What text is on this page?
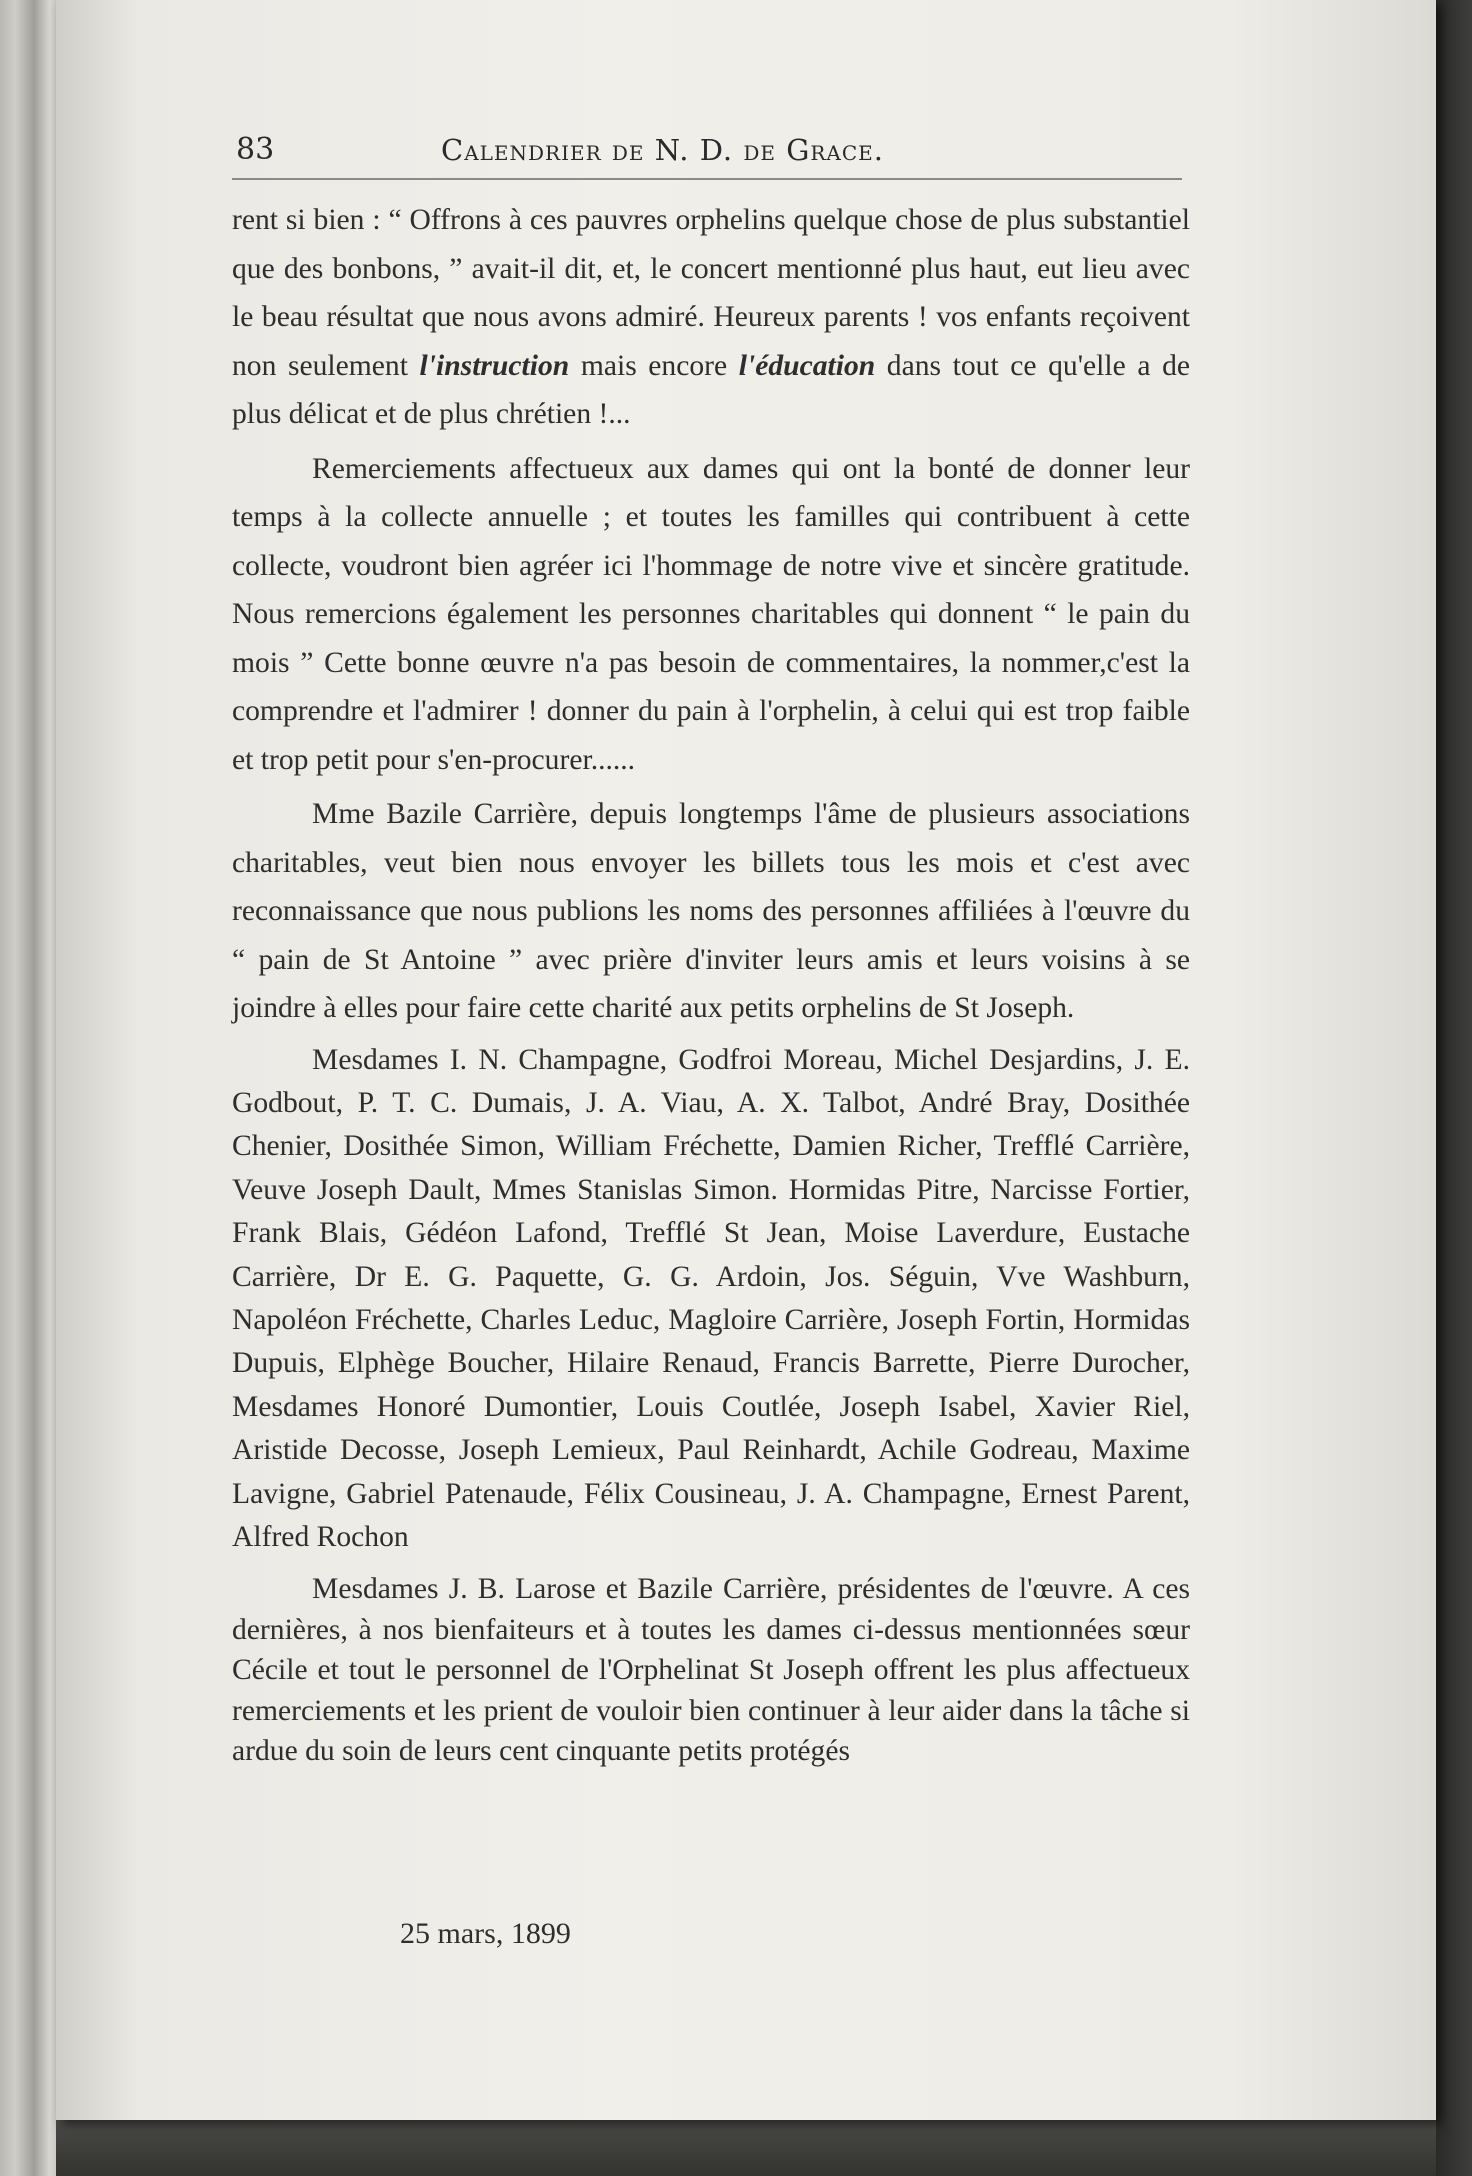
83	Calendrier de N. D. de Grace.

rent si bien : “ Offrons à ces pauvres orphelins quelque chose de plus substantiel que des bonbons, ” avait-il dit, et, le concert mentionné plus haut, eut lieu avec le beau résultat que nous avons admiré. Heureux parents ! vos enfants reçoivent non seulement l'instruction mais encore l'éducation dans tout ce qu'elle a de plus délicat et de plus chrétien !...

Remerciements affectueux aux dames qui ont la bonté de donner leur temps à la collecte annuelle ; et toutes les familles qui contribuent à cette collecte, voudront bien agréer ici l'hommage de notre vive et sincère gratitude. Nous remercions également les personnes charitables qui donnent “ le pain du mois ” Cette bonne œuvre n'a pas besoin de commentaires, la nommer,c'est la comprendre et l'admirer ! donner du pain à l'orphelin, à celui qui est trop faible et trop petit pour s'en-procurer......

Mme Bazile Carrière, depuis longtemps l'âme de plusieurs associations charitables, veut bien nous envoyer les billets tous les mois et c'est avec reconnaissance que nous publions les noms des personnes affiliées à l'œuvre du “ pain de St Antoine ” avec prière d'inviter leurs amis et leurs voisins à se joindre à elles pour faire cette charité aux petits orphelins de St Joseph.

Mesdames I. N. Champagne, Godfroi Moreau, Michel Desjardins, J. E. Godbout, P. T. C. Dumais, J. A. Viau, A. X. Talbot, André Bray, Dosithée Chenier, Dosithée Simon, William Fréchette, Damien Richer, Trefflé Carrière, Veuve Joseph Dault, Mmes Stanislas Simon. Hormidas Pitre, Narcisse Fortier, Frank Blais, Gédéon Lafond, Trefflé St Jean, Moise Laverdure, Eustache Carrière, Dr E. G. Paquette, G. G. Ardoin, Jos. Séguin, Vve Washburn, Napoléon Fréchette, Charles Leduc, Magloire Carrière, Joseph Fortin, Hormidas Dupuis, Elphège Boucher, Hilaire Renaud, Francis Barrette, Pierre Durocher, Mesdames Honoré Dumontier, Louis Coutlée, Joseph Isabel, Xavier Riel, Aristide Decosse, Joseph Lemieux, Paul Reinhardt, Achile Godreau, Maxime Lavigne, Gabriel Patenaude, Félix Cousineau, J. A. Champagne, Ernest Parent, Alfred Rochon

Mesdames J. B. Larose et Bazile Carrière, présidentes de l'œuvre. A ces dernières, à nos bienfaiteurs et à toutes les dames ci-dessus mentionnées sœur Cécile et tout le personnel de l'Orphelinat St Joseph offrent les plus affectueux remerciements et les prient de vouloir bien continuer à leur aider dans la tâche si ardue du soin de leurs cent cinquante petits protégés

25 mars, 1899
